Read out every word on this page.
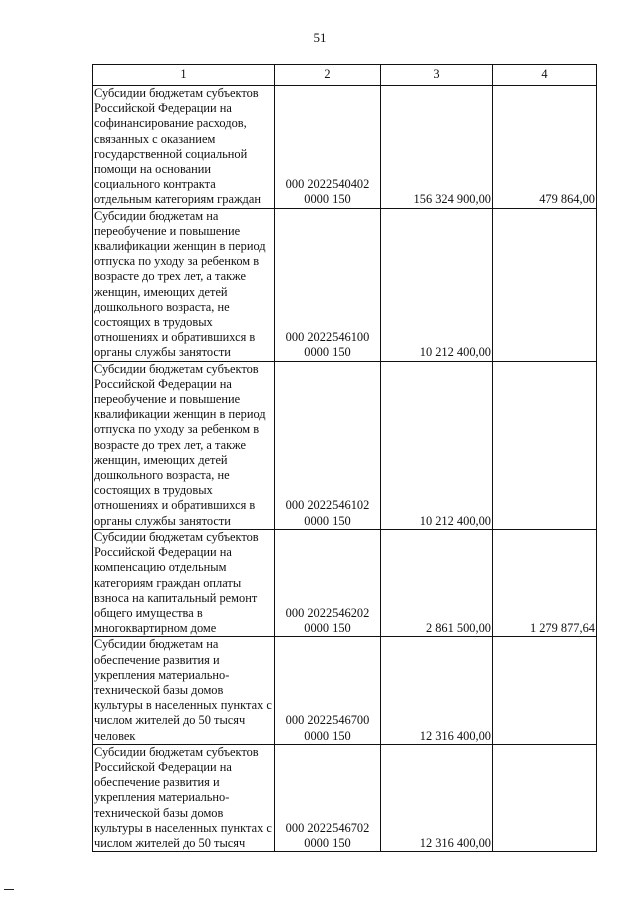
51
1	2	3	4
Субсидии бюджетам субъектов Российской Федерации на софинансирование расходов, связанных с оказанием государственной социальной помощи на основании социального контракта отдельным категориям граждан	000 2022540402 0000 150	156 324 900,00	479 864,00
Субсидии бюджетам на переобучение и повышение квалификации женщин в период отпуска по уходу за ребенком в возрасте до трех лет, а также женщин, имеющих детей дошкольного возраста, не состоящих в трудовых отношениях и обратившихся в органы службы занятости	000 2022546100 0000 150	10 212 400,00	
Субсидии бюджетам субъектов Российской Федерации на переобучение и повышение квалификации женщин в период отпуска по уходу за ребенком в возрасте до трех лет, а также женщин, имеющих детей дошкольного возраста, не состоящих в трудовых отношениях и обратившихся в органы службы занятости	000 2022546102 0000 150	10 212 400,00	
Субсидии бюджетам субъектов Российской Федерации на компенсацию отдельным категориям граждан оплаты взноса на капитальный ремонт общего имущества в многоквартирном доме	000 2022546202 0000 150	2 861 500,00	1 279 877,64
Субсидии бюджетам на обеспечение развития и укрепления материально-технической базы домов культуры в населенных пунктах с числом жителей до 50 тысяч человек	000 2022546700 0000 150	12 316 400,00	
Субсидии бюджетам субъектов Российской Федерации на обеспечение развития и укрепления материально-технической базы домов культуры в населенных пунктах с числом жителей до 50 тысяч	000 2022546702 0000 150	12 316 400,00	
